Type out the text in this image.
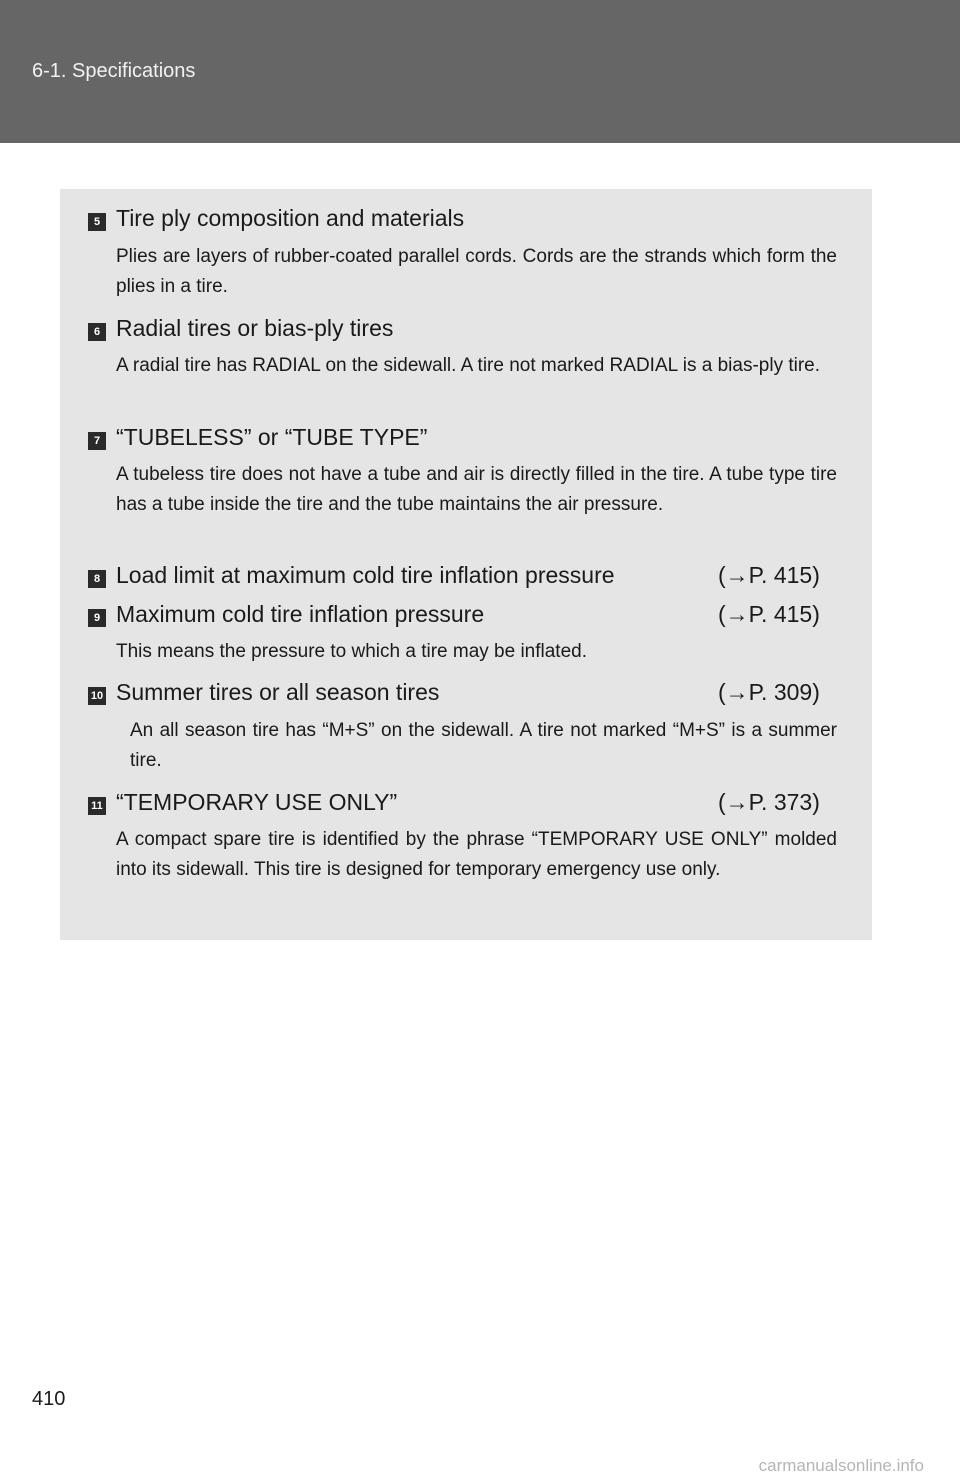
6-1. Specifications
5 Tire ply composition and materials
Plies are layers of rubber-coated parallel cords. Cords are the strands which form the plies in a tire.
6 Radial tires or bias-ply tires
A radial tire has RADIAL on the sidewall. A tire not marked RADIAL is a bias-ply tire.
7 “TUBELESS” or “TUBE TYPE”
A tubeless tire does not have a tube and air is directly filled in the tire. A tube type tire has a tube inside the tire and the tube maintains the air pressure.
8 Load limit at maximum cold tire inflation pressure	(→P. 415)
9 Maximum cold tire inflation pressure	(→P. 415)
This means the pressure to which a tire may be inflated.
10 Summer tires or all season tires	(→P. 309)
An all season tire has “M+S” on the sidewall. A tire not marked “M+S” is a summer tire.
11 “TEMPORARY USE ONLY”	(→P. 373)
A compact spare tire is identified by the phrase “TEMPORARY USE ONLY” molded into its sidewall. This tire is designed for temporary emergency use only.
410
carmanualsonline.info
